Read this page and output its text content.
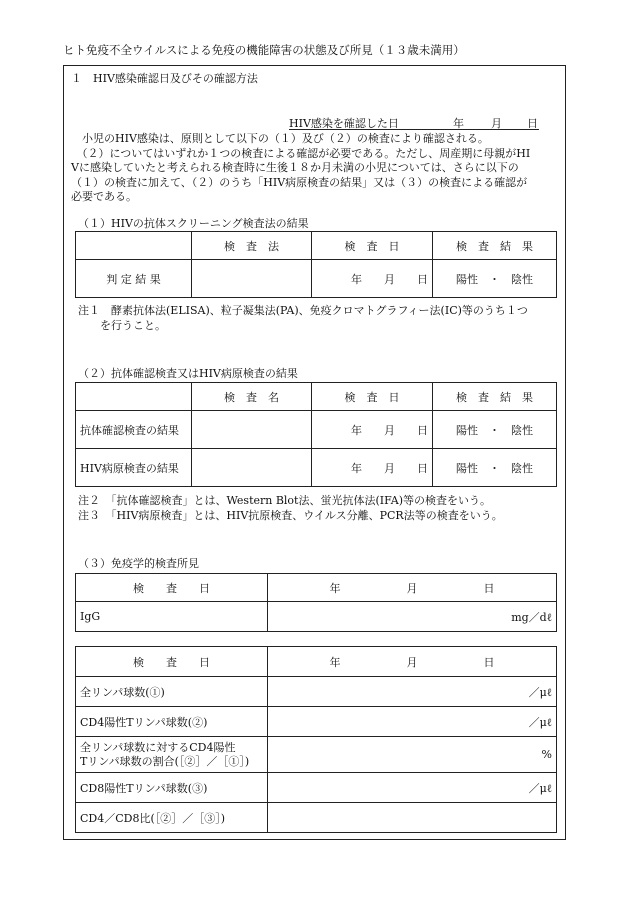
ヒト免疫不全ウイルスによる免疫の機能障害の状態及び所見（１３歳未満用）
１　HIV感染確認日及びその確認方法
HIV感染を確認した日	年 月 日
　小児のHIV感染は、原則として以下の（１）及び（２）の検査により確認される。
　（２）についてはいずれか１つの検査による確認が必要である。ただし、周産期に母親がHI
Vに感染していたと考えられる検査時に生後１８か月未満の小児については、さらに以下の
（１）の検査に加えて、（２）のうち「HIV病原検査の結果」又は（３）の検査による確認が
必要である。
（１）HIVの抗体スクリーニング検査法の結果
	検　査　法	検　査　日	検　査　結　果
判 定 結 果		年　　月　　日	陽性　・　陰性
注１　酵素抗体法(ELISA)、粒子凝集法(PA)、免疫クロマトグラフィー法(IC)等のうち１つ
　　を行うこと。
（２）抗体確認検査又はHIV病原検査の結果
	検　査　名	検　査　日	検　査　結　果
抗体確認検査の結果		年　　月　　日	陽性　・　陰性
HIV病原検査の結果		年　　月　　日	陽性　・　陰性
注２　「抗体確認検査」とは、Western Blot法、蛍光抗体法(IFA)等の検査をいう。
注３　「HIV病原検査」とは、HIV抗原検査、ウイルス分離、PCR法等の検査をいう。
（３）免疫学的検査所見
検　　査　　日	年　　　　　　月　　　　　　日
IgG	mg／dℓ
検　　査　　日	年　　　　　　月　　　　　　日
全リンパ球数(①)	／μℓ
CD4陽性Tリンパ球数(②)	／μℓ

全リンパ球数に対するCD4陽性
Tリンパ球数の割合(［②］／［①］)	%
CD8陽性Tリンパ球数(③)	／μℓ
CD4／CD8比(［②］／［③］)	
